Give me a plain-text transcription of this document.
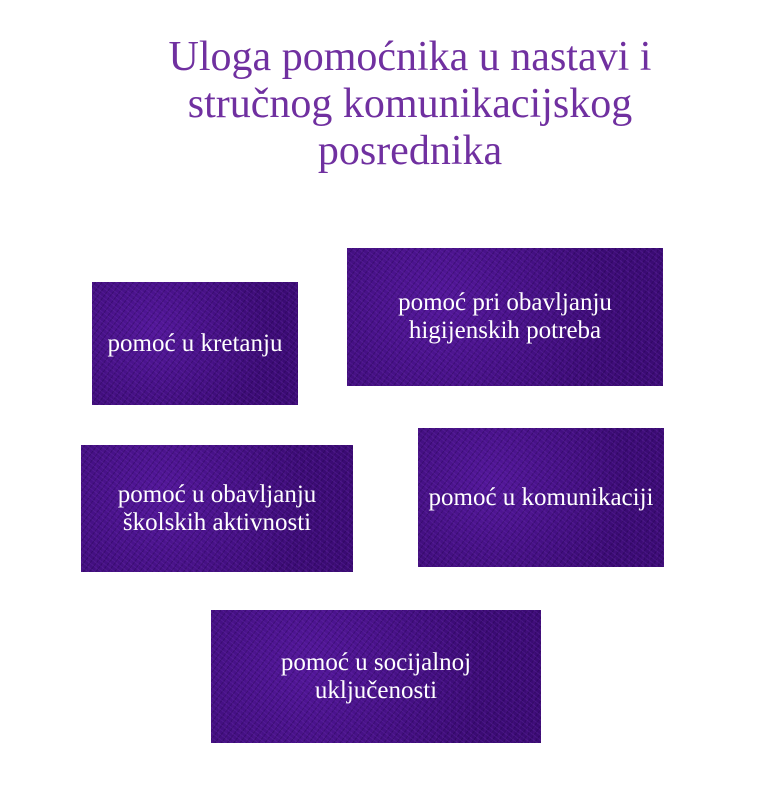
Uloga pomoćnika u nastavi i stručnog komunikacijskog posrednika
pomoć u kretanju
pomoć pri obavljanju higijenskih potreba
pomoć u obavljanju školskih aktivnosti
pomoć u komunikaciji
pomoć u socijalnoj uključenosti
